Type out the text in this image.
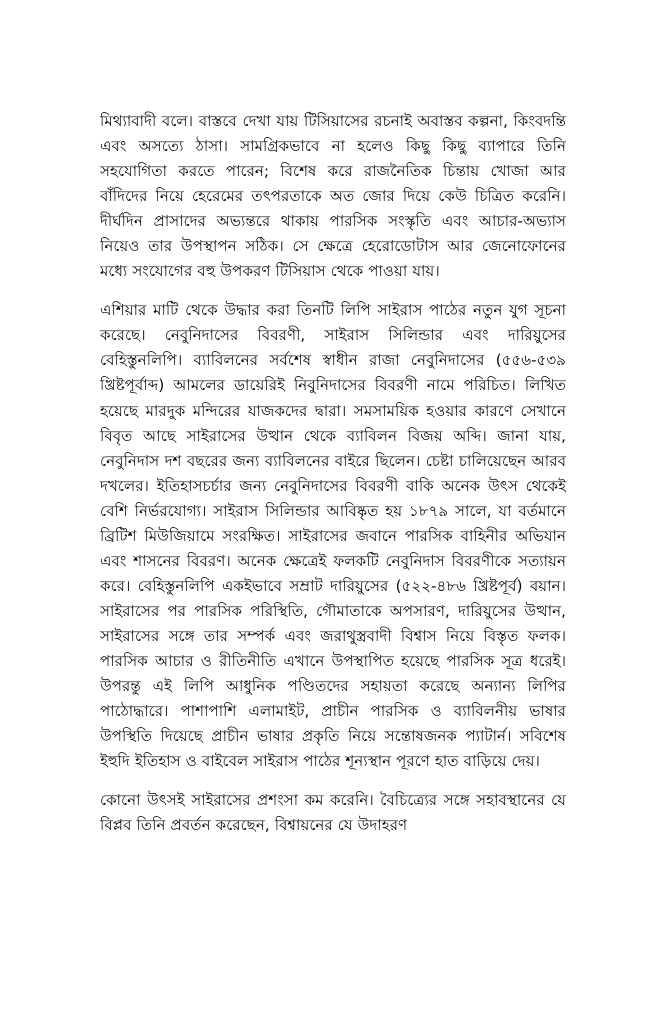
মিথ্যাবাদী বলে। বাস্তবে দেখা যায় টিসিয়াসের রচনাই অবাস্তব কল্পনা, কিংবদন্তি এবং অসত্যে ঠাসা। সামগ্রিকভাবে না হলেও কিছু কিছু ব্যাপারে তিনি সহযোগিতা করতে পারেন; বিশেষ করে রাজনৈতিক চিন্তায় খোজা আর বাঁদিদের নিয়ে হেরেমের তৎপরতাকে অত জোর দিয়ে কেউ চিত্রিত করেনি। দীর্ঘদিন প্রাসাদের অভ্যন্তরে থাকায় পারসিক সংস্কৃতি এবং আচার-অভ্যাস নিয়েও তার উপস্থাপন সঠিক। সে ক্ষেত্রে হেরোডোটাস আর জেনোফোনের মধ্যে সংযোগের বহু উপকরণ টিসিয়াস থেকে পাওয়া যায়।

এশিয়ার মাটি থেকে উদ্ধার করা তিনটি লিপি সাইরাস পাঠের নতুন যুগ সূচনা করেছে। নেবুনিদাসের বিবরণী, সাইরাস সিলিন্ডার এবং দারিয়ুসের বেহিস্তুনলিপি। ব্যাবিলনের সর্বশেষ স্বাধীন রাজা নেবুনিদাসের (৫৫৬-৫৩৯ খ্রিষ্টপূর্বাব্দ) আমলের ডায়েরিই নিবুনিদাসের বিবরণী নামে পরিচিত। লিখিত হয়েছে মারদুক মন্দিরের যাজকদের দ্বারা। সমসাময়িক হওয়ার কারণে সেখানে বিবৃত আছে সাইরাসের উত্থান থেকে ব্যাবিলন বিজয় অব্দি। জানা যায়, নেবুনিদাস দশ বছরের জন্য ব্যাবিলনের বাইরে ছিলেন। চেষ্টা চালিয়েছেন আরব দখলের। ইতিহাসচর্চার জন্য নেবুনিদাসের বিবরণী বাকি অনেক উৎস থেকেই বেশি নির্ভরযোগ্য। সাইরাস সিলিন্ডার আবিষ্কৃত হয় ১৮৭৯ সালে, যা বর্তমানে ব্রিটিশ মিউজিয়ামে সংরক্ষিত। সাইরাসের জবানে পারসিক বাহিনীর অভিযান এবং শাসনের বিবরণ। অনেক ক্ষেত্রেই ফলকটি নেবুনিদাস বিবরণীকে সত্যায়ন করে। বেহিস্তুনলিপি একইভাবে সম্রাট দারিয়ুসের (৫২২-৪৮৬ খ্রিষ্টপূর্ব) বয়ান। সাইরাসের পর পারসিক পরিস্থিতি, গৌমাতাকে অপসারণ, দারিয়ুসের উত্থান, সাইরাসের সঙ্গে তার সম্পর্ক এবং জরাথুস্ত্রবাদী বিশ্বাস নিয়ে বিস্তৃত ফলক। পারসিক আচার ও রীতিনীতি এখানে উপস্থাপিত হয়েছে পারসিক সূত্র ধরেই। উপরন্তু এই লিপি আধুনিক পণ্ডিতদের সহায়তা করেছে অন্যান্য লিপির পাঠোদ্ধারে। পাশাপাশি এলামাইট, প্রাচীন পারসিক ও ব্যাবিলনীয় ভাষার উপস্থিতি দিয়েছে প্রাচীন ভাষার প্রকৃতি নিয়ে সন্তোষজনক প্যাটার্ন। সবিশেষ ইহুদি ইতিহাস ও বাইবেল সাইরাস পাঠের শূন্যস্থান পূরণে হাত বাড়িয়ে দেয়।

কোনো উৎসই সাইরাসের প্রশংসা কম করেনি। বৈচিত্র্যের সঙ্গে সহাবস্থানের যে বিপ্লব তিনি প্রবর্তন করেছেন, বিশ্বায়নের যে উদাহরণ
